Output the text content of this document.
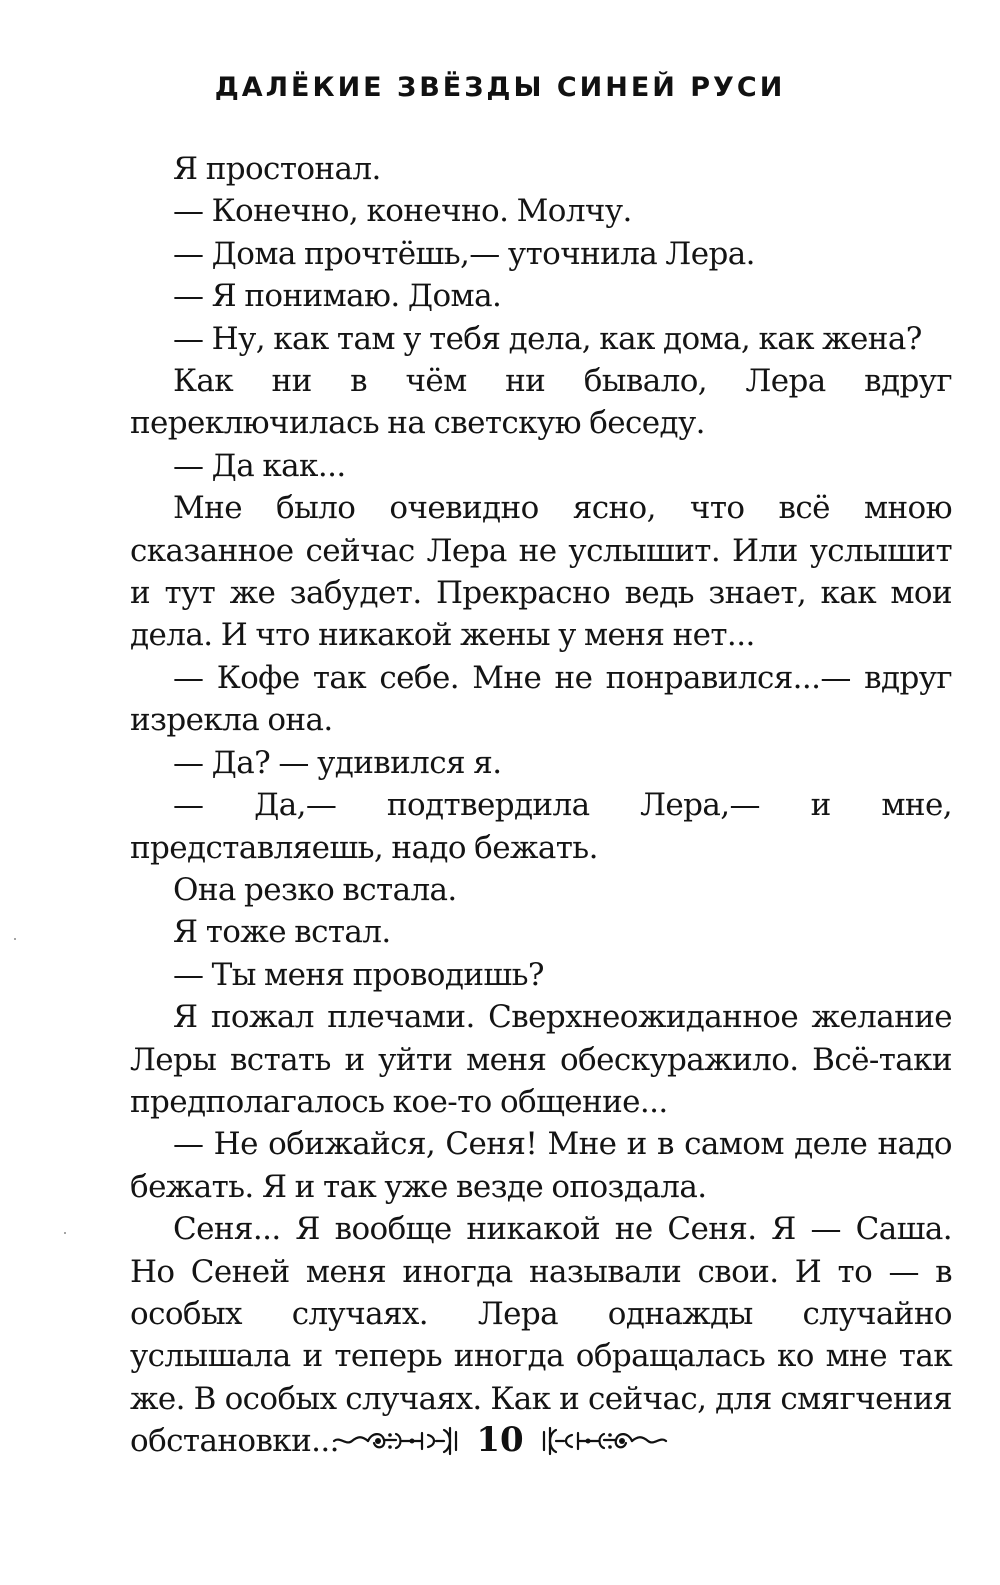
ДАЛЁКИЕ ЗВЁЗДЫ СИНЕЙ РУСИ

Я простонал.

— Конечно, конечно. Молчу.

— Дома прочтёшь,— уточнила Лера.

— Я понимаю. Дома.

— Ну, как там у тебя дела, как дома, как жена?

Как ни в чём ни бывало, Лера вдруг переключилась на светскую беседу.

— Да как...

Мне было очевидно ясно, что всё мною сказанное сейчас Лера не услышит. Или услышит и тут же забудет. Прекрасно ведь знает, как мои дела. И что никакой жены у меня нет...

— Кофе так себе. Мне не понравился...— вдруг изрекла она.

— Да? — удивился я.

— Да,— подтвердила Лера,— и мне, представляешь, надо бежать.

Она резко встала.

Я тоже встал.

— Ты меня проводишь?

Я пожал плечами. Сверхнеожиданное желание Леры встать и уйти меня обескуражило. Всё-таки предполагалось кое-то общение...

— Не обижайся, Сеня! Мне и в самом деле надо бежать. Я и так уже везде опоздала.

Сеня... Я вообще никакой не Сеня. Я — Саша. Но Сеней меня иногда называли свои. И то — в особых случаях. Лера однажды случайно услышала и теперь иногда обращалась ко мне так же. В особых случаях. Как и сейчас, для смягчения обстановки...	10
